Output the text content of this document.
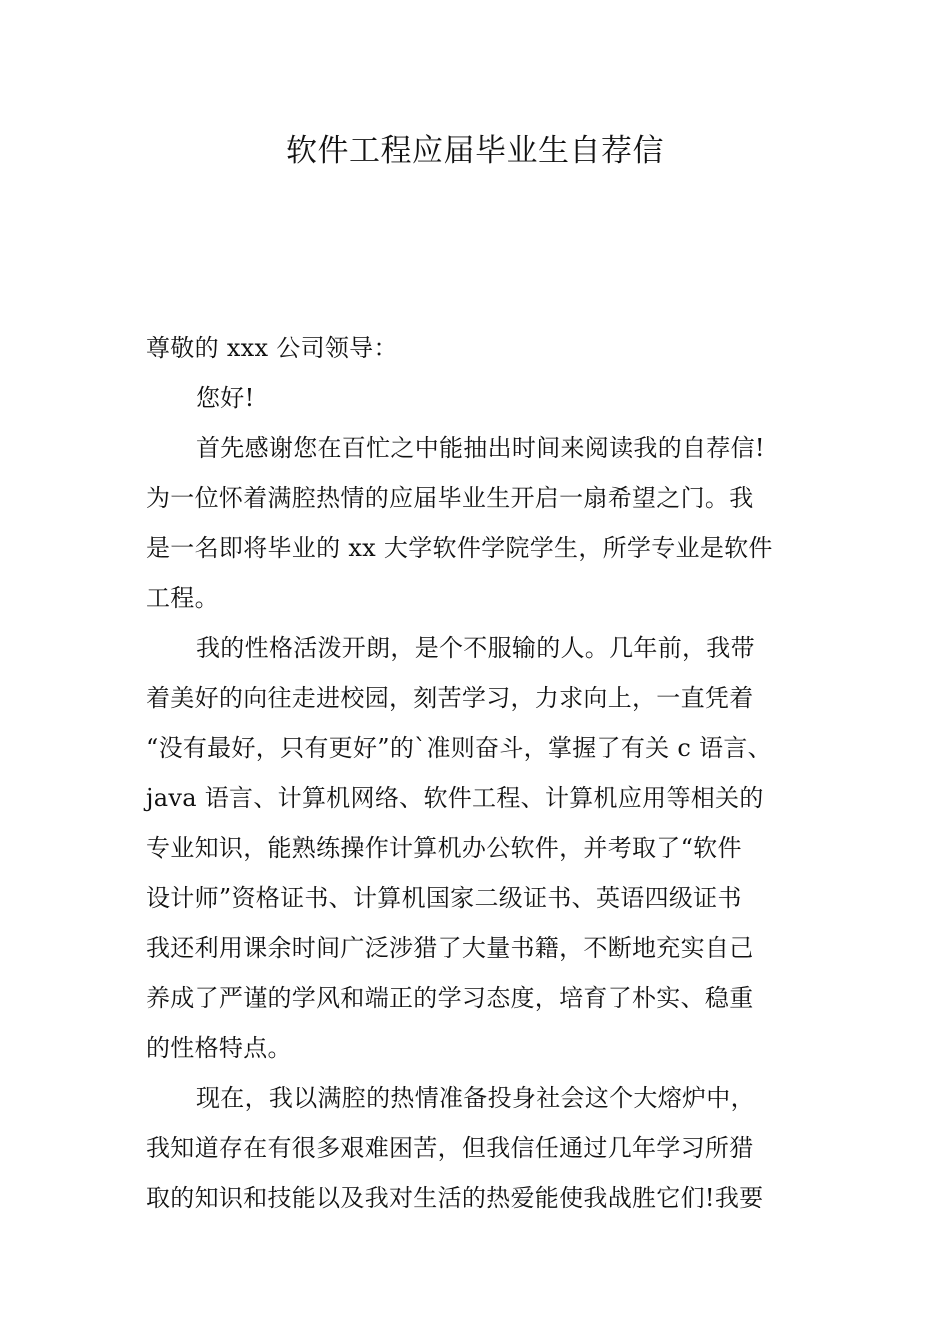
软件工程应届毕业生自荐信
尊敬的 xxx 公司领导：
您好!
首先感谢您在百忙之中能抽出时间来阅读我的自荐信!
为一位怀着满腔热情的应届毕业生开启一扇希望之门。我
是一名即将毕业的 xx 大学软件学院学生，所学专业是软件
工程。
我的性格活泼开朗，是个不服输的人。几年前，我带
着美好的向往走进校园，刻苦学习，力求向上，一直凭着
“没有最好，只有更好”的`准则奋斗，掌握了有关 c 语言、
java 语言、计算机网络、软件工程、计算机应用等相关的
专业知识，能熟练操作计算机办公软件，并考取了“软件
设计师”资格证书、计算机国家二级证书、英语四级证书
我还利用课余时间广泛涉猎了大量书籍，不断地充实自己
养成了严谨的学风和端正的学习态度，培育了朴实、稳重
的性格特点。
现在，我以满腔的热情准备投身社会这个大熔炉中，
我知道存在有很多艰难困苦，但我信任通过几年学习所猎
取的知识和技能以及我对生活的热爱能使我战胜它们!我要
